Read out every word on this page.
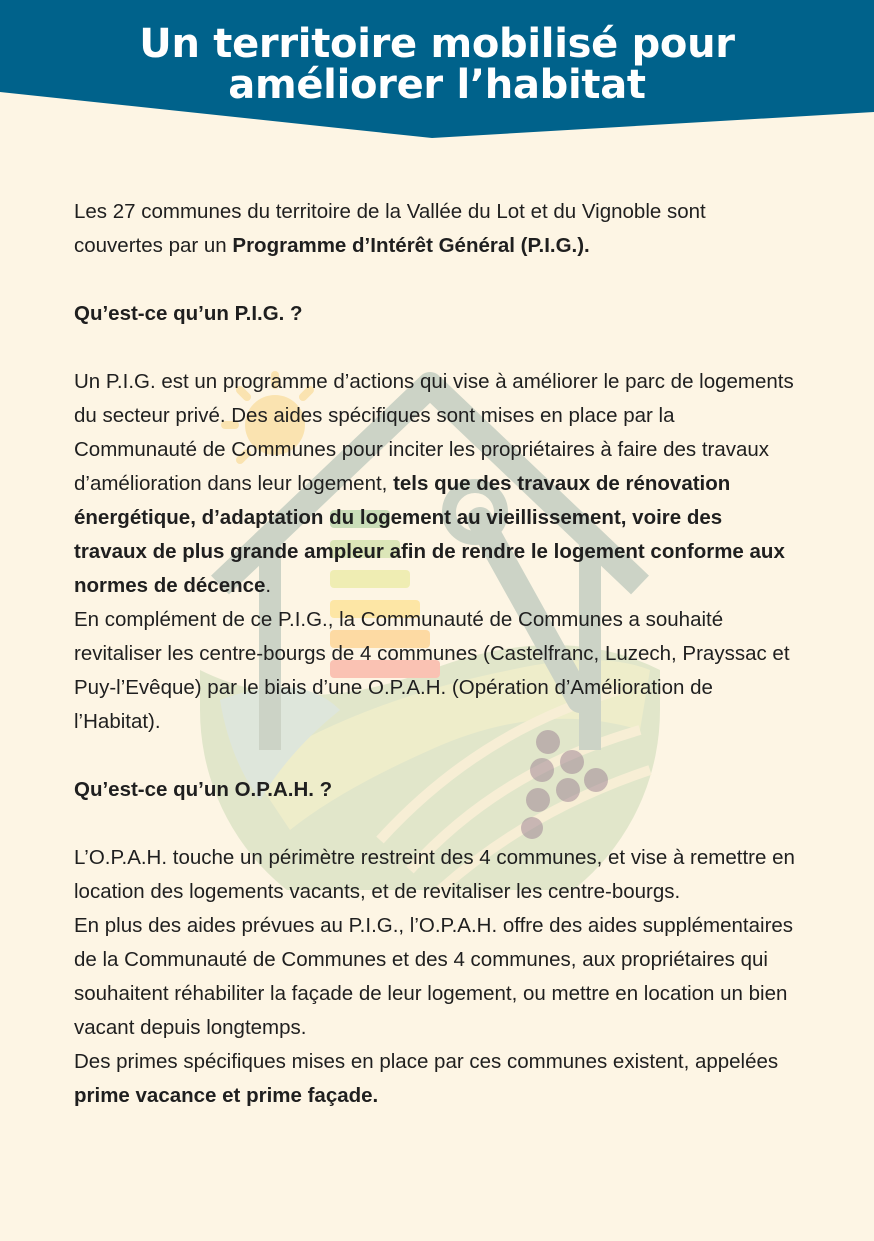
Un territoire mobilisé pour améliorer l’habitat

Les 27 communes du territoire de la Vallée du Lot et du Vignoble sont couvertes par un Programme d’Intérêt Général (P.I.G.).

Qu’est-ce qu’un P.I.G. ?

Un P.I.G. est un programme d’actions qui vise à améliorer le parc de logements du secteur privé. Des aides spécifiques sont mises en place par la Communauté de Communes pour inciter les propriétaires à faire des travaux d’amélioration dans leur logement, tels que des travaux de rénovation énergétique, d’adaptation du logement au vieillissement, voire des travaux de plus grande ampleur afin de rendre le logement conforme aux normes de décence.

En complément de ce P.I.G., la Communauté de Communes a souhaité revitaliser les centre-bourgs de 4 communes (Castelfranc, Luzech, Prayssac et Puy-l’Evêque) par le biais d’une O.P.A.H. (Opération d’Amélioration de l’Habitat).

Qu’est-ce qu’un O.P.A.H. ?

L’O.P.A.H. touche un périmètre restreint des 4 communes, et vise à remettre en location des logements vacants, et de revitaliser les centre-bourgs.

En plus des aides prévues au P.I.G., l’O.P.A.H. offre des aides supplémentaires de la Communauté de Communes et des 4 communes, aux propriétaires qui souhaitent réhabiliter la façade de leur logement, ou mettre en location un bien vacant depuis longtemps.

Des primes spécifiques mises en place par ces communes existent, appelées prime vacance et prime façade.
